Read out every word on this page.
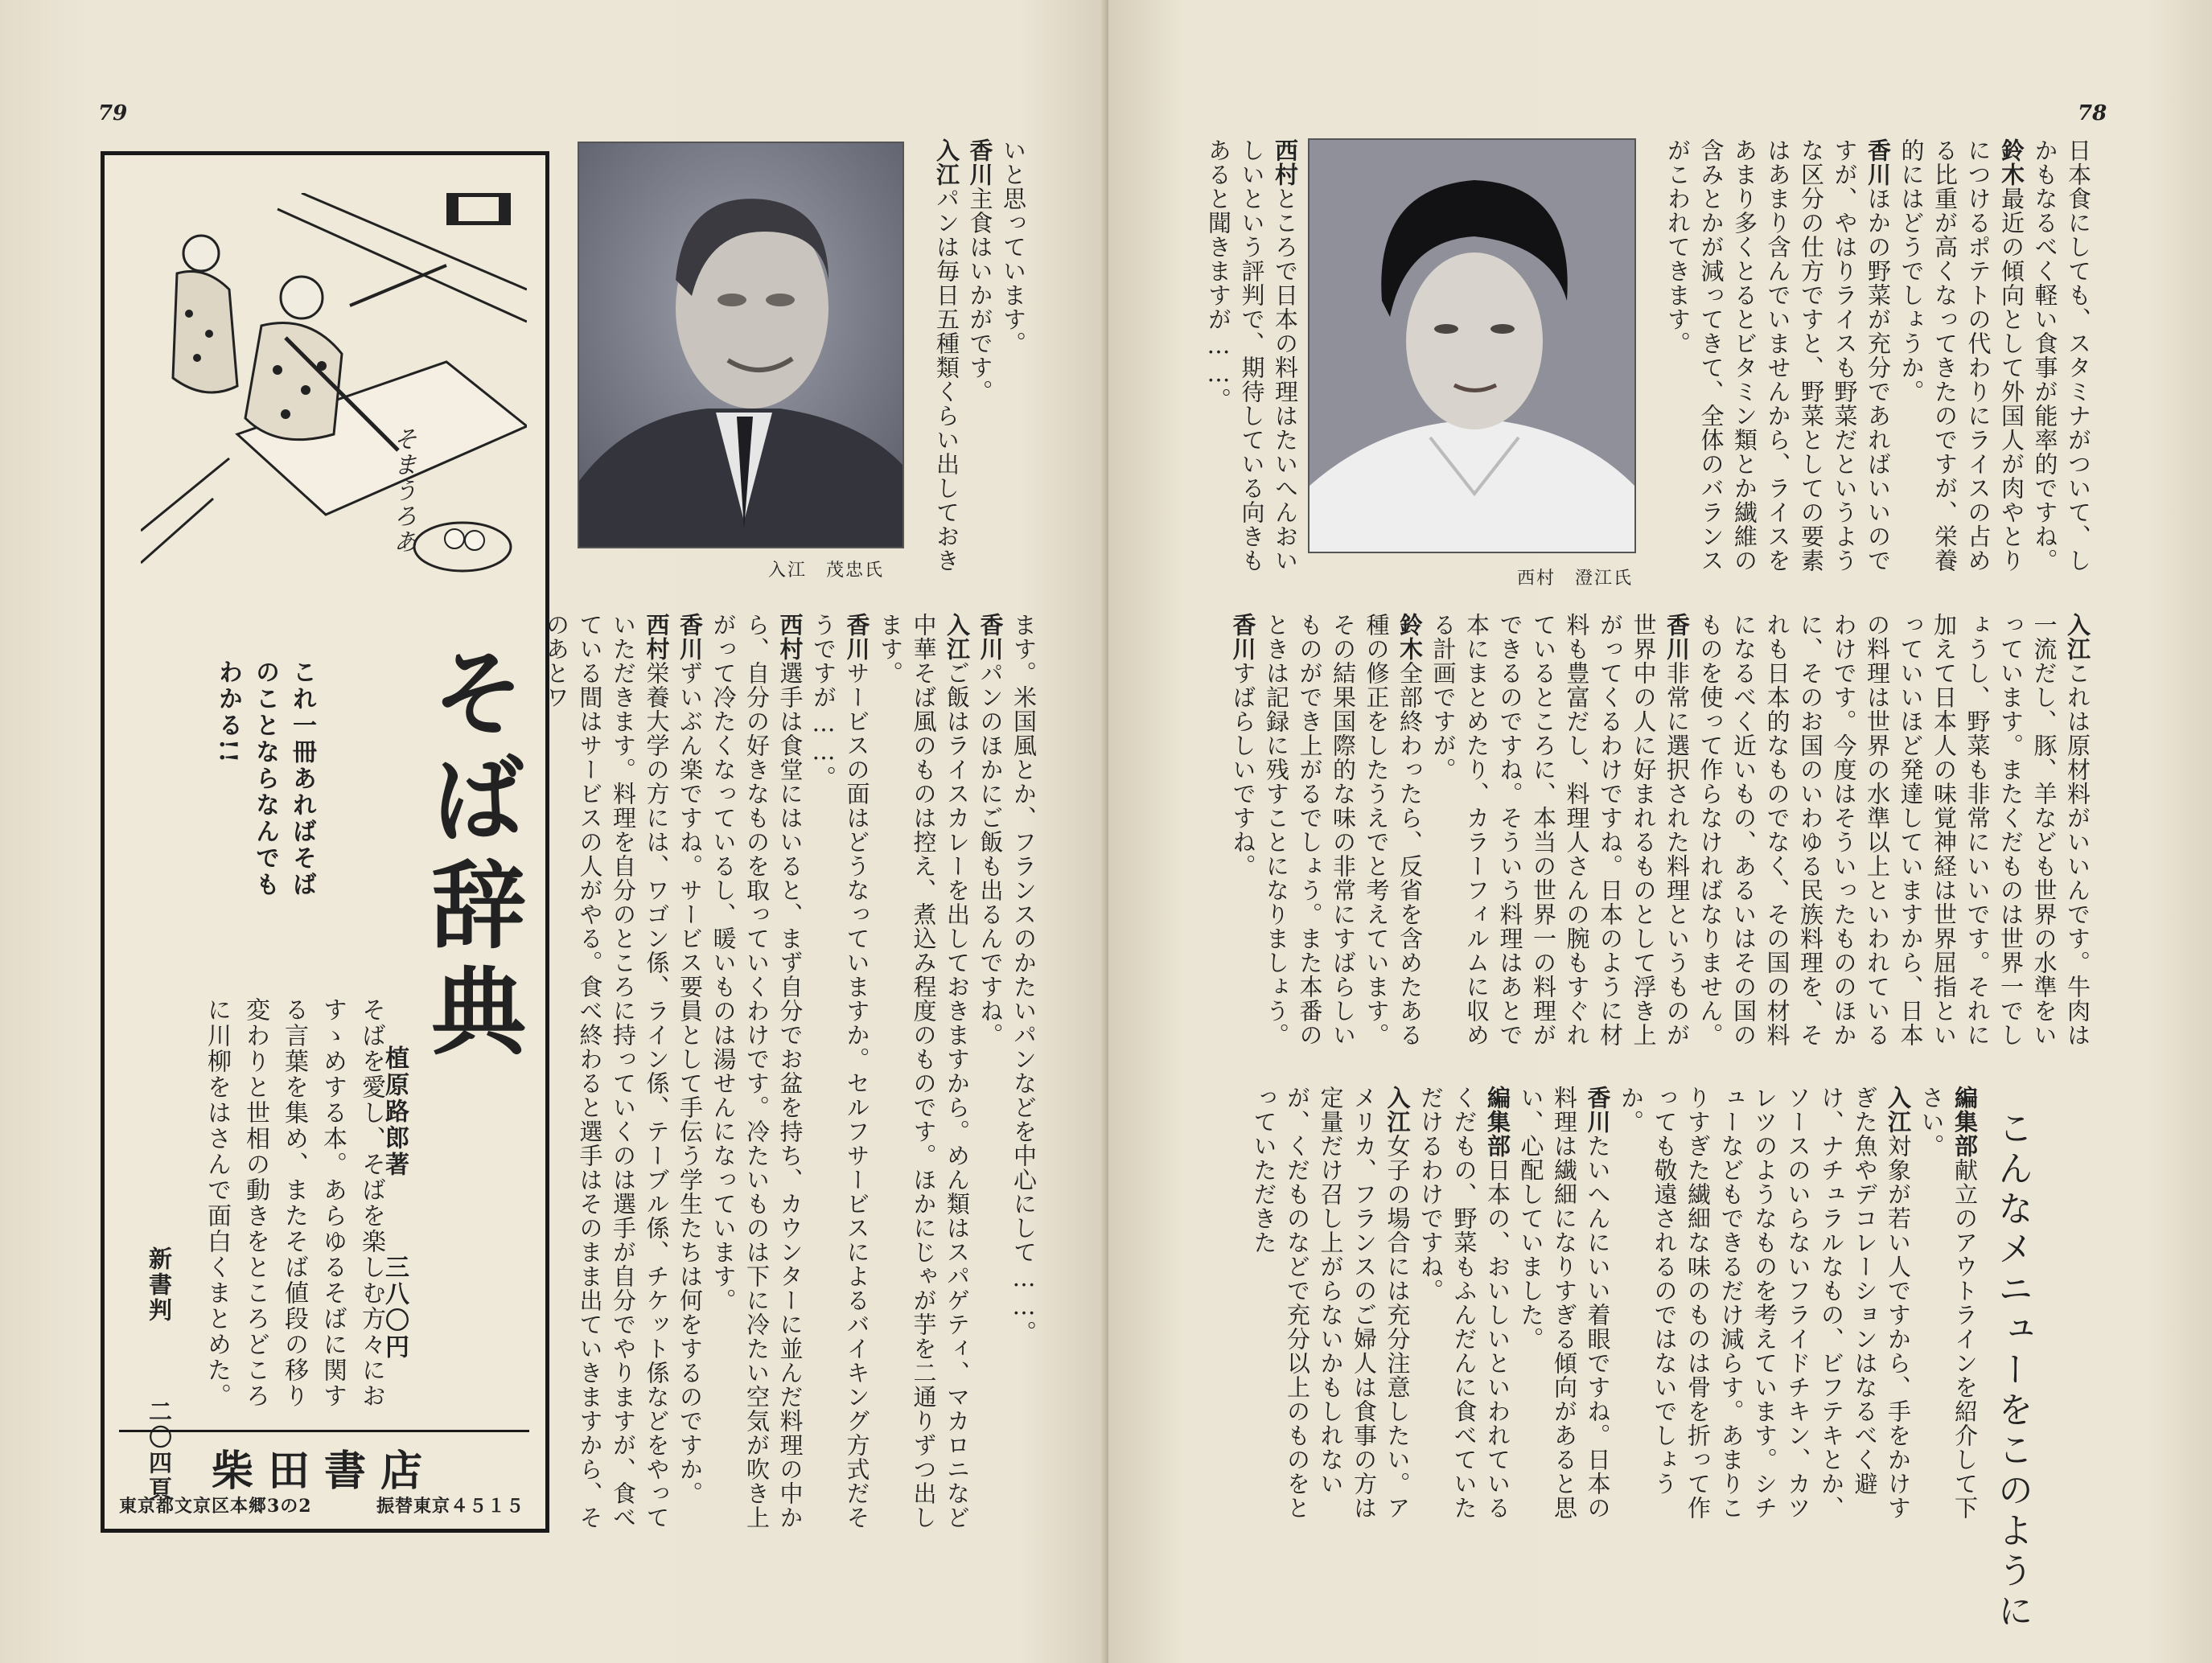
79
そまうろあ
そば辞典
植原路郎著
三八〇円
これ一冊あればそばのことならなんでもわかる!!
そばを愛し、そばを楽しむ方々におすゝめする本。あらゆるそばに関する言葉を集め、またそば値段の移り変わりと世相の動きをところどころに川柳をはさんで面白くまとめた。
新書判
二〇四頁 柴田書店
東京都文京区本郷3の2	振替東京４５１５
入江　茂忠氏

いと思っています。

香川主食はいかがです。

入江パンは毎日五種類くらい出しておき

ます。米国風とか、フランスのかたいパンなどを中心にして……。

香川パンのほかにご飯も出るんですね。

入江ご飯はライスカレーを出しておきますから。めん類はスパゲティ、マカロニなど中華そば風のものは控え、煮込み程度のものです。ほかにじゃが芋を二通りずつ出します。

香川サービスの面はどうなっていますか。セルフサービスによるバイキング方式だそうですが……。

西村選手は食堂にはいると、まず自分でお盆を持ち、カウンターに並んだ料理の中から、自分の好きなものを取っていくわけです。冷たいものは下に冷たい空気が吹き上がって冷たくなっているし、暖いものは湯せんになっています。

香川ずいぶん楽ですね。サービス要員として手伝う学生たちは何をするのですか。

西村栄養大学の方には、ワゴン係、ライン係、テーブル係、チケット係などをやっていただきます。料理を自分のところに持っていくのは選手が自分でやりますが、食べている間はサービスの人がやる。食べ終わると選手はそのまま出ていきますから、そのあとワ

78

日本食にしても、スタミナがついて、しかもなるべく軽い食事が能率的ですね。

鈴木最近の傾向として外国人が肉やとりにつけるポテトの代わりにライスの占める比重が高くなってきたのですが、栄養的にはどうでしょうか。

香川ほかの野菜が充分であればいいのですが、やはりライスも野菜だというような区分の仕方ですと、野菜としての要素はあまり含んでいませんから、ライスをあまり多くとるとビタミン類とか繊維の含みとかが減ってきて、全体のバランスがこわれてきます。

西村　澄江氏

西村ところで日本の料理はたいへんおいしいという評判で、期待している向きもあると聞きますが……。

入江これは原材料がいいんです。牛肉は一流だし、豚、羊なども世界の水準をいっています。またくだものは世界一でしょうし、野菜も非常にいいです。それに加えて日本人の味覚神経は世界屈指といっていいほど発達していますから、日本の料理は世界の水準以上といわれているわけです。今度はそういったもののほかに、そのお国のいわゆる民族料理を、それも日本的なものでなく、その国の材料になるべく近いもの、あるいはその国のものを使って作らなければなりません。

香川非常に選択された料理というものが世界中の人に好まれるものとして浮き上がってくるわけですね。日本のように材料も豊富だし、料理人さんの腕もすぐれているところに、本当の世界一の料理ができるのですね。そういう料理はあとで本にまとめたり、カラーフィルムに収める計画ですが。

鈴木全部終わったら、反省を含めたある種の修正をしたうえでと考えています。その結果国際的な味の非常にすばらしいものができ上がるでしょう。また本番のときは記録に残すことになりましょう。

香川すばらしいですね。

こんなメニューをこのように

編集部献立のアウトラインを紹介して下さい。

入江対象が若い人ですから、手をかけすぎた魚やデコレーションはなるべく避け、ナチュラルなもの、ビフテキとか、ソースのいらないフライドチキン、カツレツのようなものを考えています。シチューなどもできるだけ減らす。あまりこりすぎた繊細な味のものは骨を折って作っても敬遠されるのではないでしょうか。

香川たいへんにいい着眼ですね。日本の料理は繊細になりすぎる傾向があると思い、心配していました。

編集部日本の、おいしいといわれているくだもの、野菜もふんだんに食べていただけるわけですね。

入江女子の場合には充分注意したい。アメリカ、フランスのご婦人は食事の方は定量だけ召し上がらないかもしれないが、くだものなどで充分以上のものをとっていただきた
